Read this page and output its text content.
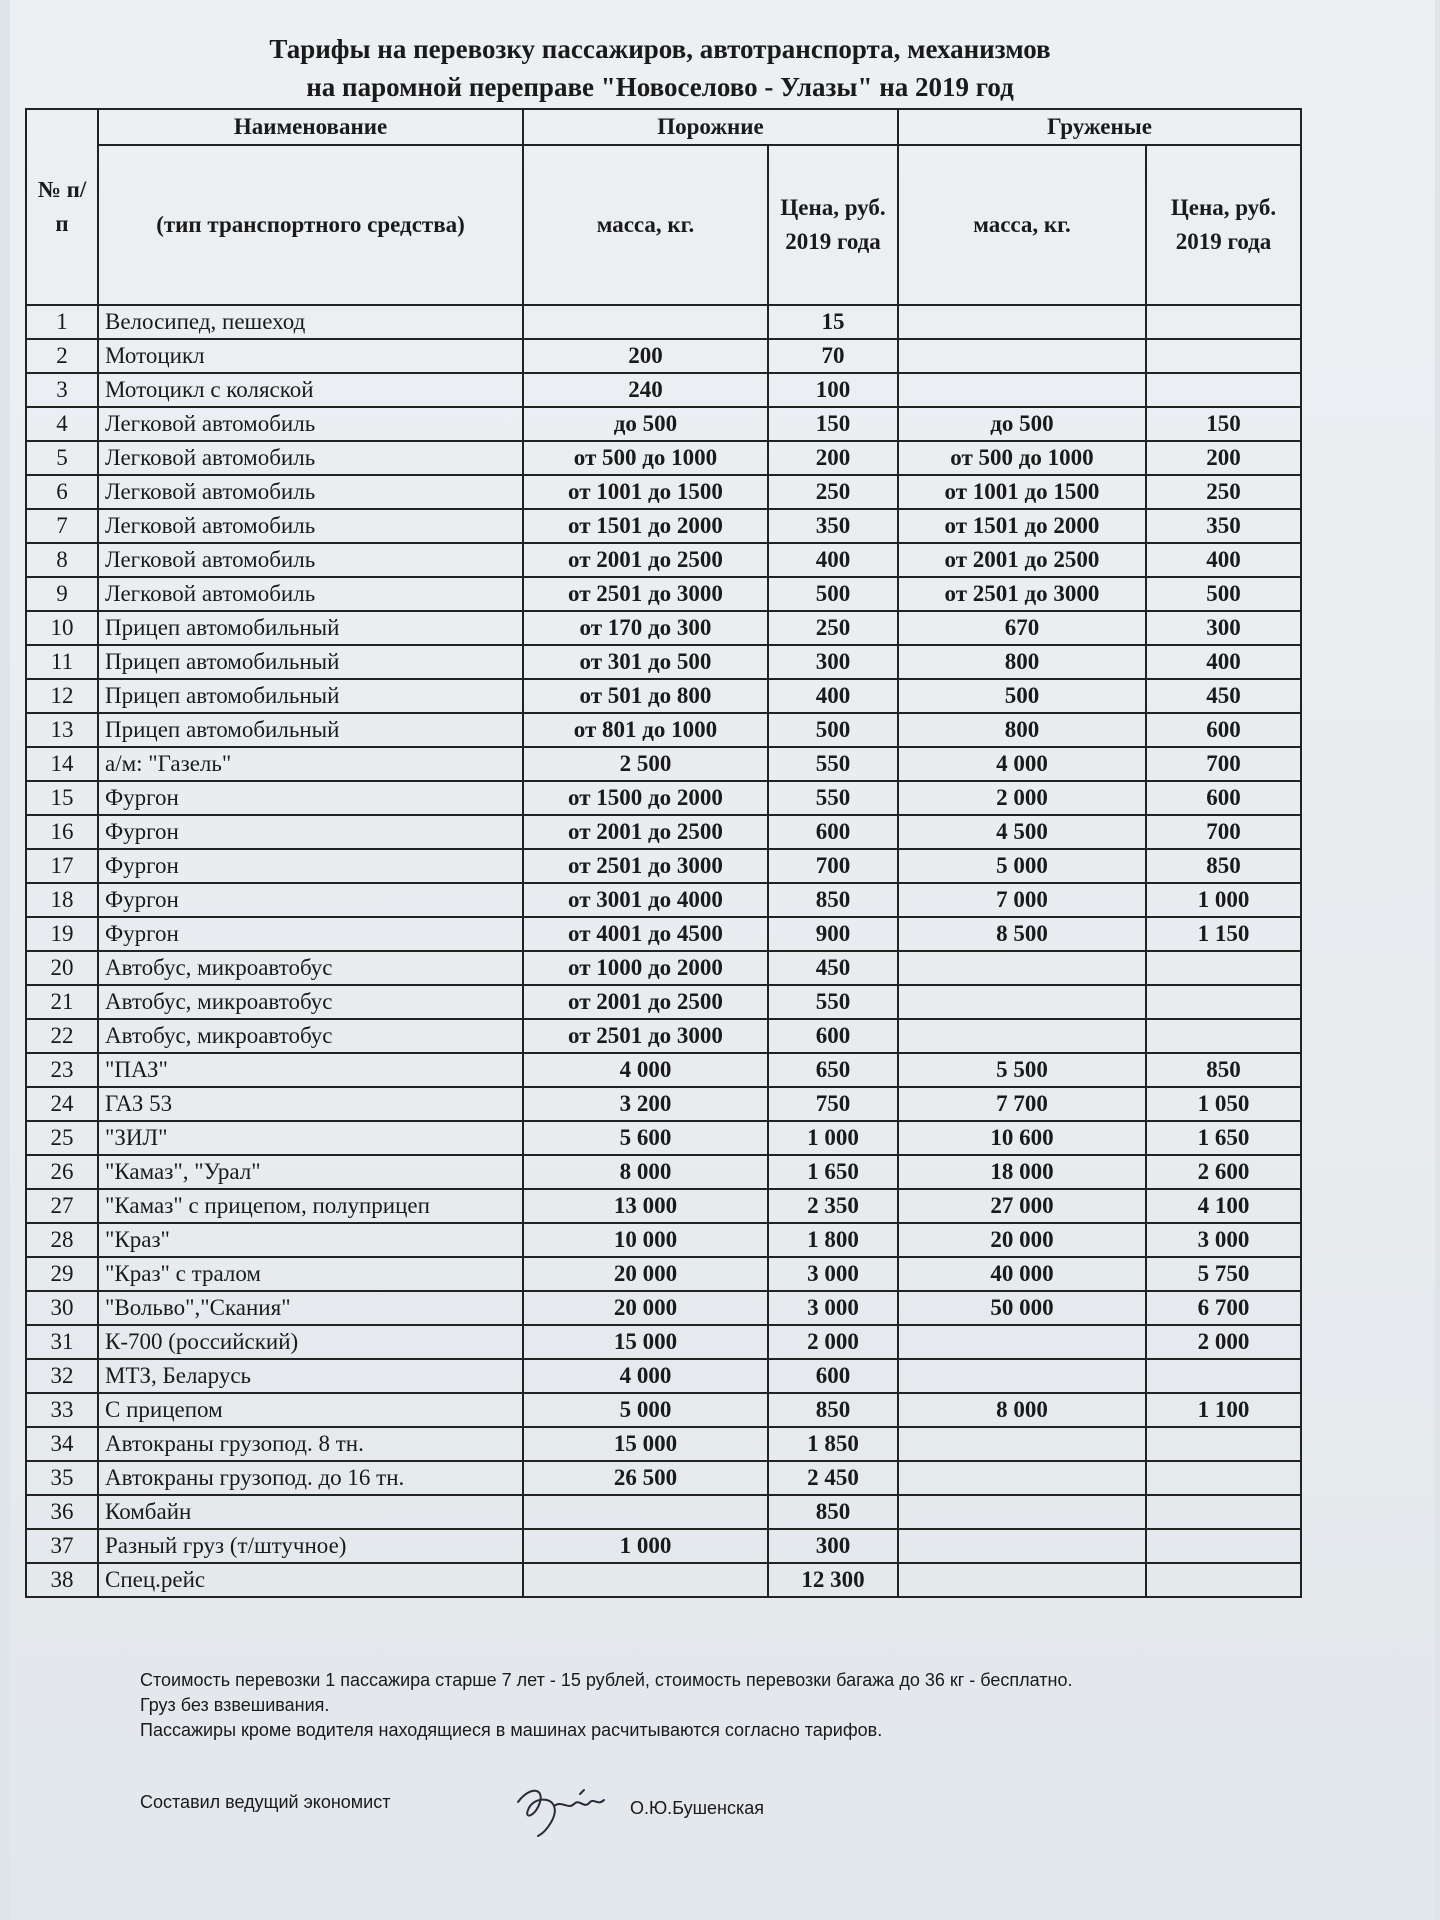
Тарифы на перевозку пассажиров, автотранспорта, механизмов
на паромной переправе "Новоселово - Улазы" на 2019 год
№ п/п	Наименование	Порожние		Груженые	
	(тип транспортного средства)	масса, кг.	Цена, руб. 2019 года	масса, кг.	Цена, руб. 2019 года
1	Велосипед, пешеход		15		
2	Мотоцикл	200	70		
3	Мотоцикл с коляской	240	100		
4	Легковой автомобиль	до 500	150	до 500	150
5	Легковой автомобиль	от 500 до 1000	200	от 500 до 1000	200
6	Легковой автомобиль	от 1001 до 1500	250	от 1001 до 1500	250
7	Легковой автомобиль	от 1501 до 2000	350	от 1501 до 2000	350
8	Легковой автомобиль	от 2001 до 2500	400	от 2001 до 2500	400
9	Легковой автомобиль	от 2501 до 3000	500	от 2501 до 3000	500
10	Прицеп автомобильный	от 170 до 300	250	670	300
11	Прицеп автомобильный	от 301 до 500	300	800	400
12	Прицеп автомобильный	от 501 до 800	400	500	450
13	Прицеп автомобильный	от 801 до 1000	500	800	600
14	а/м: "Газель"	2 500	550	4 000	700
15	Фургон	от 1500 до 2000	550	2 000	600
16	Фургон	от 2001 до 2500	600	4 500	700
17	Фургон	от 2501 до 3000	700	5 000	850
18	Фургон	от 3001 до 4000	850	7 000	1 000
19	Фургон	от 4001 до 4500	900	8 500	1 150
20	Автобус, микроавтобус	от 1000 до 2000	450		
21	Автобус, микроавтобус	от 2001 до 2500	550		
22	Автобус, микроавтобус	от 2501 до 3000	600		
23	"ПАЗ"	4 000	650	5 500	850
24	ГАЗ 53	3 200	750	7 700	1 050
25	"ЗИЛ"	5 600	1 000	10 600	1 650
26	"Камаз", "Урал"	8 000	1 650	18 000	2 600
27	"Камаз" с прицепом, полуприцеп	13 000	2 350	27 000	4 100
28	"Краз"	10 000	1 800	20 000	3 000
29	"Краз" с тралом	20 000	3 000	40 000	5 750
30	"Вольво","Скания"	20 000	3 000	50 000	6 700
31	К-700 (российский)	15 000	2 000		2 000
32	МТЗ, Беларусь	4 000	600		
33	С прицепом	5 000	850	8 000	1 100
34	Автокраны грузопод. 8 тн.	15 000	1 850		
35	Автокраны грузопод. до 16 тн.	26 500	2 450		
36	Комбайн		850		
37	Разный груз (т/штучное)	1 000	300		
38	Спец.рейс		12 300		

Стоимость перевозки 1 пассажира старше 7 лет - 15 рублей, стоимость перевозки багажа до 36 кг - бесплатно.

Груз без взвешивания.

Пассажиры кроме водителя находящиеся в машинах расчитываются согласно тарифов.

Составил ведущий экономист	О.Ю.Бушенская
